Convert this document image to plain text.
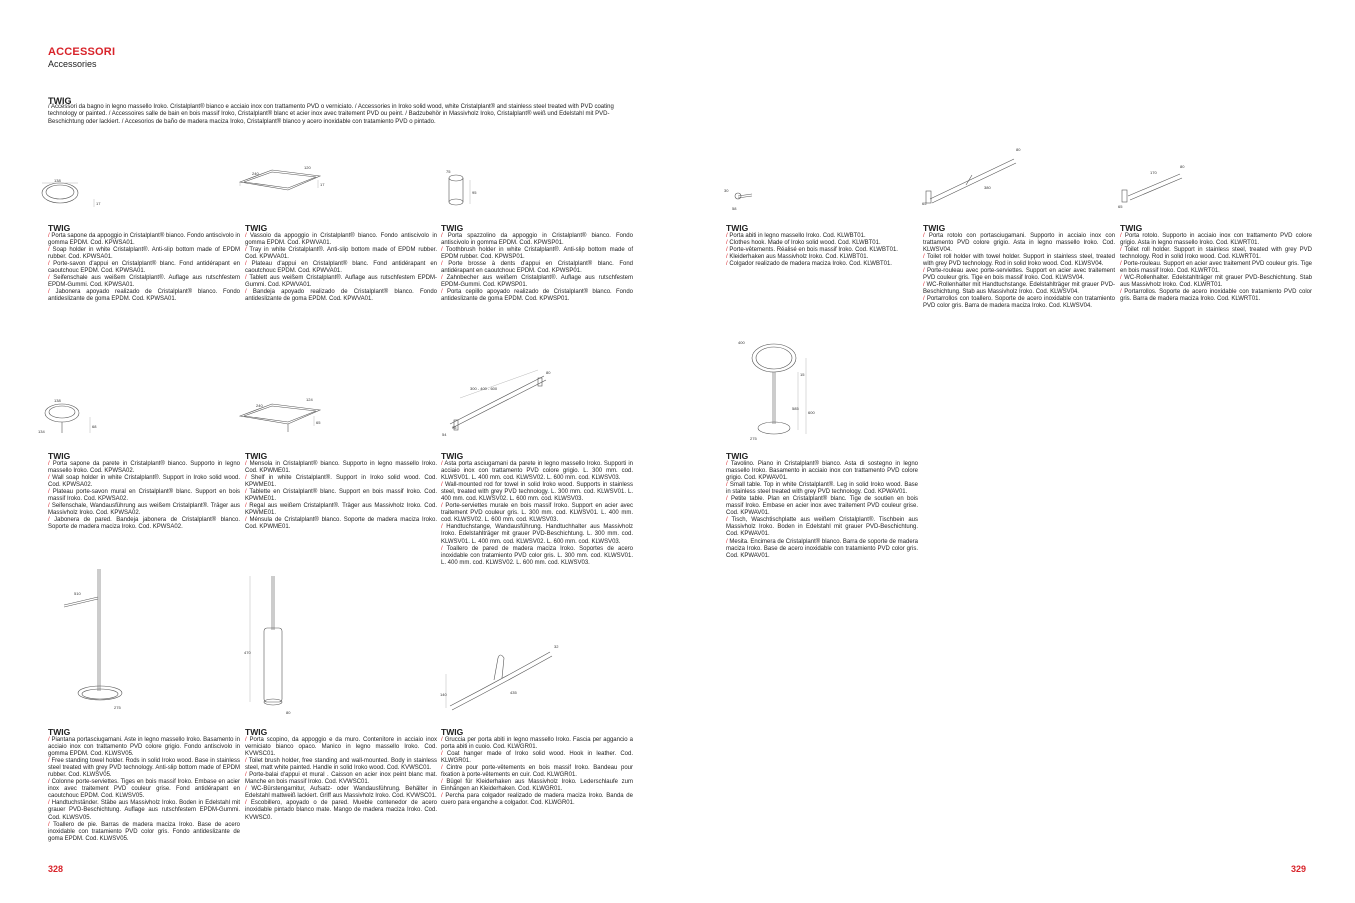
ACCESSORI
Accessories
TWIG
/ Accessori da bagno in legno massello Iroko. Cristalplant® bianco e acciaio inox con trattamento PVD o verniciato. / Accessories in Iroko solid wood, white Cristalplant® and stainless steel treated with PVD coating technology or painted. / Accessoires salle de bain en bois massif Iroko, Cristalplant® blanc et acier inox avec traitement PVD ou peint. / Badzubehör in Massivholz Iroko, Cristalplant® weiß und Edelstahl mit PVD-Beschichtung oder lackiert. / Accesorios de baño de madera maciza Iroko, Cristalplant® blanco y acero inoxidable con tratamiento PVD o pintado.
138
17
240
120
17
75
95
138
134
68
240
124
65
300 - 400 - 600
80
54
75
510
275
470
80
32
140	435
30
58
400
15
585
600
275
80
380
65
170
80
65
TWIG

/ Porta sapone da appoggio in Cristalplant® bianco. Fondo antiscivolo in gomma EPDM. Cod. KPWSA01.

/ Soap holder in white Cristalplant®. Anti-slip bottom made of EPDM rubber. Cod. KPWSA01.

/ Porte-savon d'appui en Cristalplant® blanc. Fond antidérapant en caoutchouc EPDM. Cod. KPWSA01.

/ Seifenschale aus weißem Cristalplant®. Auflage aus rutschfestem EPDM-Gummi. Cod. KPWSA01.

/ Jabonera apoyado realizado de Cristalplant® blanco. Fondo antideslizante de goma EPDM. Cod. KPWSA01.

TWIG

/ Vassoio da appoggio in Cristalplant® bianco. Fondo antiscivolo in gomma EPDM. Cod. KPWVA01.

/ Tray in white Cristalplant®. Anti-slip bottom made of EPDM rubber. Cod. KPWVA01.

/ Plateau d'appui en Cristalplant® blanc. Fond antidérapant en caoutchouc EPDM. Cod. KPWVA01.

/ Tablett aus weißem Cristalplant®. Auflage aus rutschfestem EPDM-Gummi. Cod. KPWVA01.

/ Bandeja apoyado realizado de Cristalplant® blanco. Fondo antideslizante de goma EPDM. Cod. KPWVA01.

TWIG

/ Porta spazzolino da appoggio in Cristalplant® bianco. Fondo antiscivolo in gomma EPDM. Cod. KPWSP01.

/ Toothbrush holder in white Cristalplant®. Anti-slip bottom made of EPDM rubber. Cod. KPWSP01.

/ Porte brosse à dents d'appui en Cristalplant® blanc. Fond antidérapant en caoutchouc EPDM. Cod. KPWSP01.

/ Zahnbecher aus weißem Cristalplant®. Auflage aus rutschfestem EPDM-Gummi. Cod. KPWSP01.

/ Porta cepillo apoyado realizado de Cristalplant® blanco. Fondo antideslizante de goma EPDM. Cod. KPWSP01.

TWIG

/ Porta sapone da parete in Cristalplant® bianco. Supporto in legno massello Iroko. Cod. KPWSA02.

/ Wall soap holder in white Cristalplant®. Support in Iroko solid wood. Cod. KPWSA02.

/ Plateau porte-savon mural en Cristalplant® blanc. Support en bois massif Iroko. Cod. KPWSA02.

/ Seifenschale, Wandausführung aus weißem Cristalplant®. Träger aus Massivholz Iroko. Cod. KPWSA02.

/ Jabonera de pared. Bandeja jabonera de Cristalplant® blanco. Soporte de madera maciza Iroko. Cod. KPWSA02.

TWIG

/ Mensola in Cristalplant® bianco. Supporto in legno massello Iroko. Cod. KPWME01.

/ Shelf in white Cristalplant®. Support in Iroko solid wood. Cod. KPWME01.

/ Tablette en Cristalplant® blanc. Support en bois massif Iroko. Cod. KPWME01.

/ Regal aus weißem Cristalplant®. Träger aus Massivholz Iroko. Cod. KPWME01.

/ Ménsula de Cristalplant® blanco. Soporte de madera maciza Iroko. Cod. KPWME01.

TWIG

/ Asta porta asciugamani da parete in legno massello Iroko. Supporti in acciaio inox con trattamento PVD colore grigio. L. 300 mm. cod. KLWSV01. L. 400 mm. cod. KLWSV02. L. 600 mm. cod. KLWSV03.

/ Wall-mounted rod for towel in solid Iroko wood. Supports in stainless steel, treated with grey PVD technology. L. 300 mm. cod. KLWSV01. L. 400 mm. cod. KLWSV02. L. 600 mm. cod. KLWSV03.

/ Porte-serviettes murale en bois massif Iroko. Support en acier avec traitement PVD couleur gris. L. 300 mm. cod. KLWSV01. L. 400 mm. cod. KLWSV02. L. 600 mm. cod. KLWSV03.

/ Handtuchstange, Wandausführung. Handtuchhalter aus Massivholz Iroko. Edelstahlträger mit grauer PVD-Beschichtung. L. 300 mm. cod. KLWSV01. L. 400 mm. cod. KLWSV02. L. 600 mm. cod. KLWSV03.

/ Toallero de pared de madera maciza Iroko. Soportes de acero inoxidable con tratamiento PVD color gris. L. 300 mm. cod. KLWSV01. L. 400 mm. cod. KLWSV02. L. 600 mm. cod. KLWSV03.

TWIG

/ Piantana portasciugamani. Aste in legno massello Iroko. Basamento in acciaio inox con trattamento PVD colore grigio. Fondo antiscivolo in gomma EPDM. Cod. KLWSV05.

/ Free standing towel holder. Rods in solid Iroko wood. Base in stainless steel treated with grey PVD technology. Anti-slip bottom made of EPDM rubber. Cod. KLWSV05.

/ Colonne porte-serviettes. Tiges en bois massif Iroko. Embase en acier inox avec traitement PVD couleur grise. Fond antidérapant en caoutchouc EPDM. Cod. KLWSV05.

/ Handtuchständer. Stäbe aus Massivholz Iroko. Boden in Edelstahl mit grauer PVD-Beschichtung. Auflage aus rutschfestem EPDM-Gummi. Cod. KLWSV05.

/ Toallero de pie. Barras de madera maciza Iroko. Base de acero inoxidable con tratamiento PVD color gris. Fondo antideslizante de goma EPDM. Cod. KLWSV05.

TWIG

/ Porta scopino, da appoggio e da muro. Contenitore in acciaio inox verniciato bianco opaco. Manico in legno massello Iroko. Cod. KVWSC01.

/ Toilet brush holder, free standing and wall-mounted. Body in stainless steel, matt white painted. Handle in solid Iroko wood. Cod. KVWSC01.

/ Porte-balai d'appui et mural . Caisson en acier inox peint blanc mat. Manche en bois massif Iroko. Cod. KVWSC01.

/ WC-Bürstengarnitur, Aufsatz- oder Wandausführung. Behälter in Edelstahl mattweiß lackiert. Griff aus Massivholz Iroko. Cod. KVWSC01.

/ Escobillero, apoyado o de pared. Mueble contenedor de acero inoxidable pintado blanco mate. Mango de madera maciza Iroko. Cod. KVWSC0.

TWIG

/ Gruccia per porta abiti in legno massello Iroko. Fascia per aggancio a porta abiti in cuoio. Cod. KLWGR01.

/ Coat hanger made of Iroko solid wood. Hook in leather. Cod. KLWGR01.

/ Cintre pour porte-vêtements en bois massif Iroko. Bandeau pour fixation à porte-vêtements en cuir. Cod. KLWGR01.

/ Bügel für Kleiderhaken aus Massivholz Iroko. Lederschlaufe zum Einhängen an Kleiderhaken. Cod. KLWGR01.

/ Percha para colgador realizado de madera maciza Iroko. Banda de cuero para enganche a colgador. Cod. KLWGR01.

TWIG

/ Porta abiti in legno massello Iroko. Cod. KLWBT01.

/ Clothes hook. Made of Iroko solid wood. Cod. KLWBT01.

/ Porte-vêtements. Réalisé en bois massif Iroko. Cod. KLWBT01.

/ Kleiderhaken aus Massivholz Iroko. Cod. KLWBT01.

/ Colgador realizado de madera maciza Iroko. Cod. KLWBT01.

TWIG

/ Tavolino. Piano in Cristalplant® bianco. Asta di sostegno in legno massello Iroko. Basamento in acciaio inox con trattamento PVD colore grigio. Cod. KPWAV01.

/ Small table. Top in white Cristalplant®. Leg in solid Iroko wood. Base in stainless steel treated with grey PVD technology. Cod. KPWAV01.

/ Petite table. Plan en Cristalplant® blanc. Tige de soutien en bois massif Iroko. Embase en acier inox avec traitement PVD couleur grise. Cod. KPWAV01.

/ Tisch, Waschtischplatte aus weißem Cristalplant®. Tischbein aus Massivholz Iroko. Boden in Edelstahl mit grauer PVD-Beschichtung. Cod. KPWAV01.

/ Mesita. Encimera de Cristalplant® blanco. Barra de soporte de madera maciza Iroko. Base de acero inoxidable con tratamiento PVD color gris. Cod. KPWAV01.

TWIG

/ Porta rotolo con portasciugamani. Supporto in acciaio inox con trattamento PVD colore grigio. Asta in legno massello Iroko. Cod. KLWSV04.

/ Toilet roll holder with towel holder. Support in stainless steel, treated with grey PVD technology. Rod in solid Iroko wood. Cod. KLWSV04.

/ Porte-rouleau avec porte-serviettes. Support en acier avec traitement PVD couleur gris. Tige en bois massif Iroko. Cod. KLWSV04.

/ WC-Rollenhalter mit Handtuchstange. Edelstahlträger mit grauer PVD-Beschichtung. Stab aus Massivholz Iroko. Cod. KLWSV04.

/ Portarrollos con toallero. Soporte de acero inoxidable con tratamiento PVD color gris. Barra de madera maciza Iroko. Cod. KLWSV04.

TWIG

/ Porta rotolo. Supporto in acciaio inox con trattamento PVD colore grigio. Asta in legno massello Iroko. Cod. KLWRT01.

/ Toilet roll holder. Support in stainless steel, treated with grey PVD technology. Rod in solid Iroko wood. Cod. KLWRT01.

/ Porte-rouleau. Support en acier avec traitement PVD couleur gris. Tige en bois massif Iroko. Cod. KLWRT01.

/ WC-Rollenhalter. Edelstahlträger mit grauer PVD-Beschichtung. Stab aus Massivholz Iroko. Cod. KLWRT01.

/ Portarrollos. Soporte de acero inoxidable con tratamiento PVD color gris. Barra de madera maciza Iroko. Cod. KLWRT01.

328	329
